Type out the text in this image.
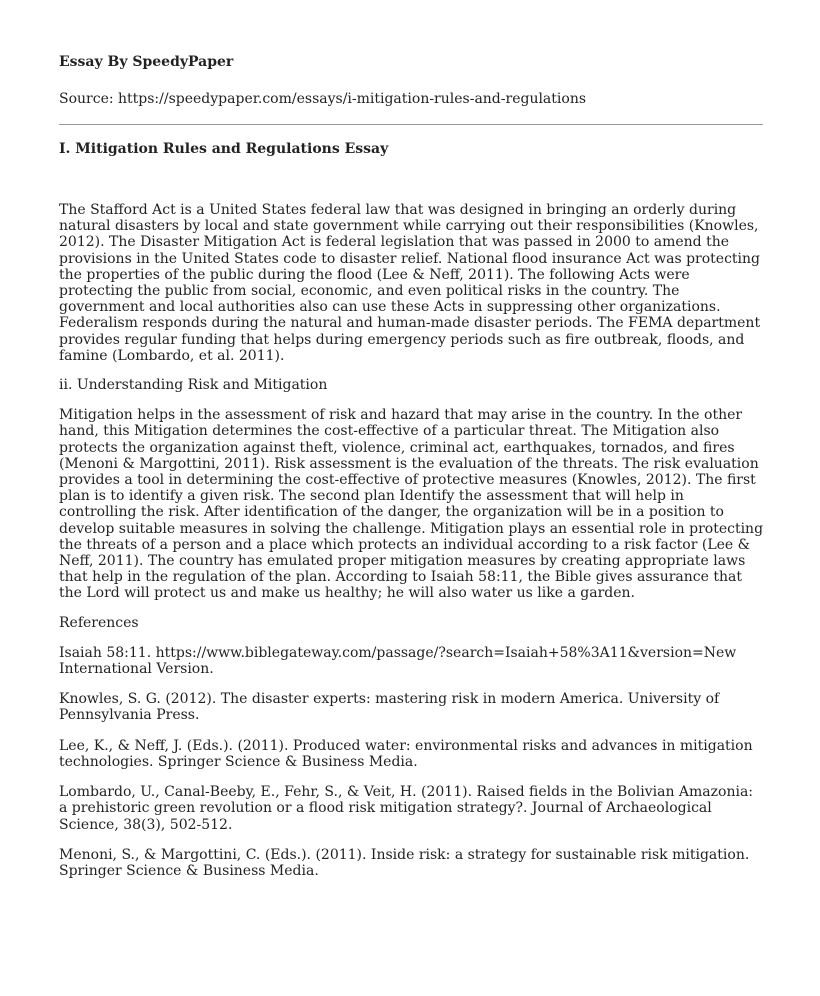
Essay By SpeedyPaper
Source: https://speedypaper.com/essays/i-mitigation-rules-and-regulations
I. Mitigation Rules and Regulations Essay

The Stafford Act is a United States federal law that was designed in bringing an orderly during natural disasters by local and state government while carrying out their responsibilities (Knowles, 2012). The Disaster Mitigation Act is federal legislation that was passed in 2000 to amend the provisions in the United States code to disaster relief. National flood insurance Act was protecting the properties of the public during the flood (Lee & Neff, 2011). The following Acts were protecting the public from social, economic, and even political risks in the country. The government and local authorities also can use these Acts in suppressing other organizations. Federalism responds during the natural and human-made disaster periods. The FEMA department provides regular funding that helps during emergency periods such as fire outbreak, floods, and famine (Lombardo, et al. 2011).

ii. Understanding Risk and Mitigation

Mitigation helps in the assessment of risk and hazard that may arise in the country. In the other hand, this Mitigation determines the cost-effective of a particular threat. The Mitigation also protects the organization against theft, violence, criminal act, earthquakes, tornados, and fires (Menoni & Margottini, 2011). Risk assessment is the evaluation of the threats. The risk evaluation provides a tool in determining the cost-effective of protective measures (Knowles, 2012). The first plan is to identify a given risk. The second plan Identify the assessment that will help in controlling the risk. After identification of the danger, the organization will be in a position to develop suitable measures in solving the challenge. Mitigation plays an essential role in protecting the threats of a person and a place which protects an individual according to a risk factor (Lee & Neff, 2011). The country has emulated proper mitigation measures by creating appropriate laws that help in the regulation of the plan. According to Isaiah 58:11, the Bible gives assurance that the Lord will protect us and make us healthy; he will also water us like a garden.

References
Isaiah 58:11. https://www.biblegateway.com/passage/?search=Isaiah+58%3A11&version=New International Version.
Knowles, S. G. (2012). The disaster experts: mastering risk in modern America. University of Pennsylvania Press.
Lee, K., & Neff, J. (Eds.). (2011). Produced water: environmental risks and advances in mitigation technologies. Springer Science & Business Media.
Lombardo, U., Canal-Beeby, E., Fehr, S., & Veit, H. (2011). Raised fields in the Bolivian Amazonia: a prehistoric green revolution or a flood risk mitigation strategy?. Journal of Archaeological Science, 38(3), 502-512.
Menoni, S., & Margottini, C. (Eds.). (2011). Inside risk: a strategy for sustainable risk mitigation. Springer Science & Business Media.
